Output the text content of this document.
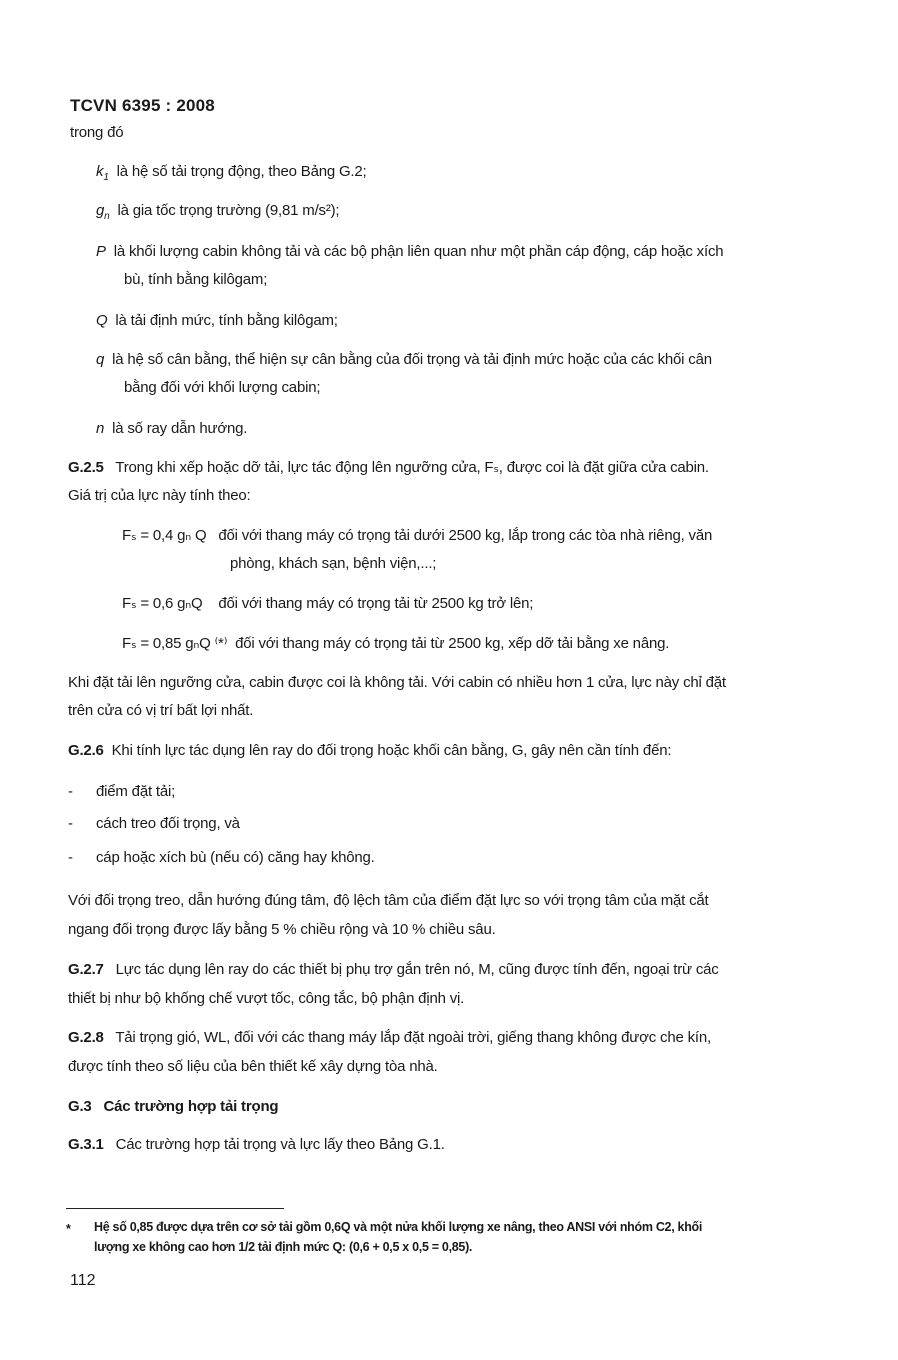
TCVN 6395 : 2008
trong đó
$k_1$ là hệ số tải trọng động, theo Bảng G.2;
$g_n$ là gia tốc trọng trường (9,81 m/s²);
P là khối lượng cabin không tải và các bộ phận liên quan như một phần cáp động, cáp hoặc xích
bù, tính bằng kilôgam;
Q là tải định mức, tính bằng kilôgam;
q là hệ số cân bằng, thể hiện sự cân bằng của đối trọng và tải định mức hoặc của các khối cân
bằng đối với khối lượng cabin;
n là số ray dẫn hướng.
G.2.5 Trong khi xếp hoặc dỡ tải, lực tác động lên ngưỡng cửa, Fₛ, được coi là đặt giữa cửa cabin.
Giá trị của lực này tính theo:
Fₛ = 0,4 gₙ Q đối với thang máy có trọng tải dưới 2500 kg, lắp trong các tòa nhà riêng, văn
phòng, khách sạn, bệnh viện,...;
Fₛ = 0,6 gₙQ đối với thang máy có trọng tải từ 2500 kg trở lên;
Fₛ = 0,85 gₙQ ⁽*⁾ đối với thang máy có trọng tải từ 2500 kg, xếp dỡ tải bằng xe nâng.
Khi đặt tải lên ngưỡng cửa, cabin được coi là không tải. Với cabin có nhiều hơn 1 cửa, lực này chỉ đặt
trên cửa có vị trí bất lợi nhất.
G.2.6 Khi tính lực tác dụng lên ray do đối trọng hoặc khối cân bằng, G, gây nên cần tính đến:
- điểm đặt tải;
- cách treo đối trọng, và
- cáp hoặc xích bù (nếu có) căng hay không.
Với đối trọng treo, dẫn hướng đúng tâm, độ lệch tâm của điểm đặt lực so với trọng tâm của mặt cắt
ngang đối trọng được lấy bằng 5 % chiều rộng và 10 % chiều sâu.
G.2.7 Lực tác dụng lên ray do các thiết bị phụ trợ gắn trên nó, M, cũng được tính đến, ngoại trừ các
thiết bị như bộ khống chế vượt tốc, công tắc, bộ phận định vị.
G.2.8 Tải trọng gió, WL, đối với các thang máy lắp đặt ngoài trời, giếng thang không được che kín,
được tính theo số liệu của bên thiết kế xây dựng tòa nhà.
G.3 Các trường hợp tải trọng
G.3.1 Các trường hợp tải trọng và lực lấy theo Bảng G.1.
* Hệ số 0,85 được dựa trên cơ sở tải gồm 0,6Q và một nửa khối lượng xe nâng, theo ANSI với nhóm C2, khối
lượng xe không cao hơn 1/2 tải định mức Q: (0,6 + 0,5 x 0,5 = 0,85).
112
